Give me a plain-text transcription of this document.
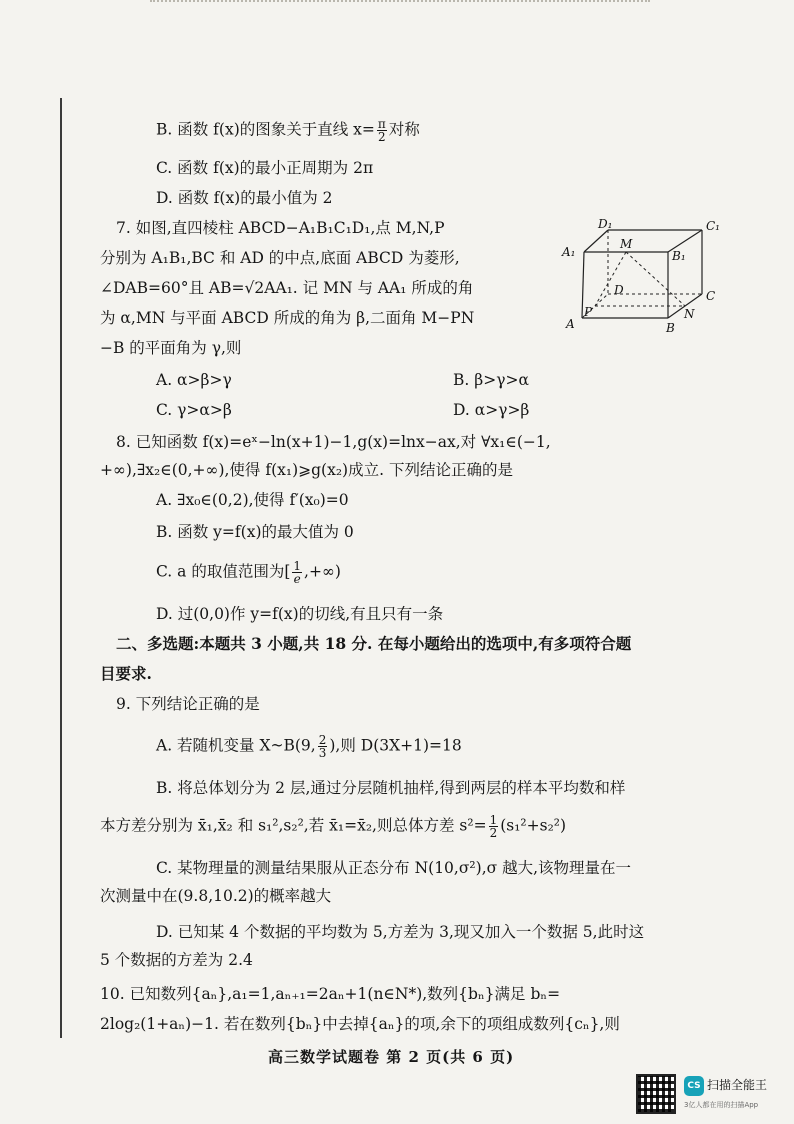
B. 函数 f(x)的图象关于直线 $x= \frac{\pi}{2}$ 对称
C. 函数 f(x)的最小正周期为 2π
D. 函数 f(x)的最小值为 2
7. 如图,直四棱柱 ABCD−A₁B₁C₁D₁,点 M,N,P
分别为 A₁B₁,BC 和 AD 的中点,底面 ABCD 为菱形,
∠DAB=60°且 AB=√2AA₁. 记 MN 与 AA₁ 所成的角
为 α,MN 与平面 ABCD 所成的角为 β,二面角 M−PN
−B 的平面角为 γ,则
D₁	C₁
A₁	B₁
M
D	C
A
P	N
B
A. α>β>γ	B. β>γ>α
C. γ>α>β	D. α>γ>β
8. 已知函数 f(x)=eˣ−ln(x+1)−1,g(x)=lnx−ax,对 ∀x₁∈(−1,
+∞),∃x₂∈(0,+∞),使得 f(x₁)⩾g(x₂)成立. 下列结论正确的是
A. ∃x₀∈(0,2),使得 f′(x₀)=0
B. 函数 y=f(x)的最大值为 0
C. a 的取值范围为[ $\frac{1}{e}$ ,+∞)
D. 过(0,0)作 y=f(x)的切线,有且只有一条
二、多选题:本题共 3 小题,共 18 分. 在每小题给出的选项中,有多项符合题
目要求.
9. 下列结论正确的是
A. 若随机变量 X~B(9, $\frac{2}{3}$ ),则 D(3X+1)=18
B. 将总体划分为 2 层,通过分层随机抽样,得到两层的样本平均数和样
本方差分别为 x̄₁,x̄₂ 和 s₁²,s₂²,若 x̄₁=x̄₂,则总体方差 $s^2= \frac{1}{2} (s_1^2+s_2^2)$
C. 某物理量的测量结果服从正态分布 N(10,σ²),σ 越大,该物理量在一
次测量中在(9.8,10.2)的概率越大
D. 已知某 4 个数据的平均数为 5,方差为 3,现又加入一个数据 5,此时这
5 个数据的方差为 2.4
10. 已知数列{aₙ},a₁=1,aₙ₊₁=2aₙ+1(n∈N*),数列{bₙ}满足 bₙ=
2log₂(1+aₙ)−1. 若在数列{bₙ}中去掉{aₙ}的项,余下的项组成数列{cₙ},则
高三数学试题卷 第 2 页(共 6 页)
CS 扫描全能王
3亿人都在用的扫描App
